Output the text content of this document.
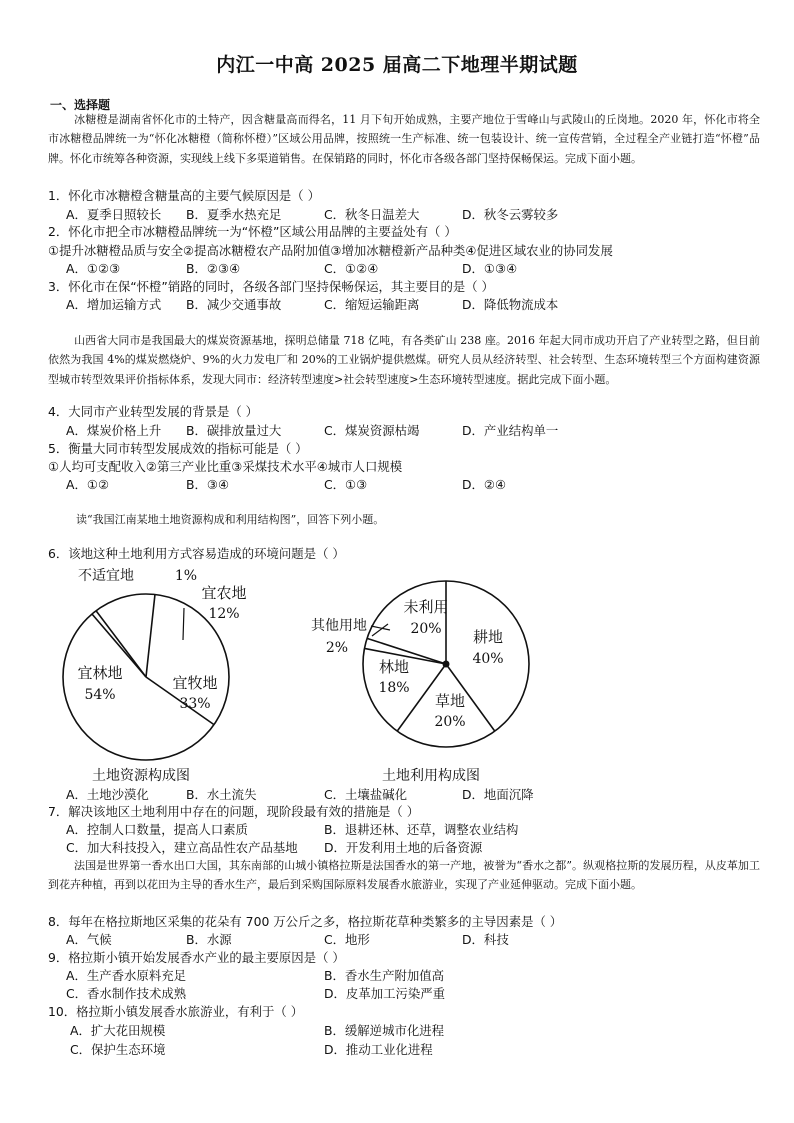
内江一中高 2025 届高二下地理半期试题
一、选择题
冰糖橙是湖南省怀化市的土特产，因含糖量高而得名，11 月下旬开始成熟，主要产地位于雪峰山与武陵山的丘岗地。2020 年，怀化市将全市冰糖橙品牌统一为“怀化冰糖橙（简称怀橙）”区域公用品牌，按照统一生产标准、统一包装设计、统一宣传营销，全过程全产业链打造“怀橙”品牌。怀化市统筹各种资源，实现线上线下多渠道销售。在保销路的同时，怀化市各级各部门坚持保畅保运。完成下面小题。
1．怀化市冰糖橙含糖量高的主要气候原因是（ ）
A．夏季日照较长 B．夏季水热充足	C．秋冬日温差大	D．秋冬云雾较多
2．怀化市把全市冰糖橙品牌统一为“怀橙”区域公用品牌的主要益处有（ ）
①提升冰糖橙品质与安全②提高冰糖橙农产品附加值③增加冰糖橙新产品种类④促进区域农业的协同发展
A．①②③	B．②③④	C．①②④	D．①③④
3．怀化市在保“怀橙”销路的同时，各级各部门坚持保畅保运，其主要目的是（ ）
A．增加运输方式 B．减少交通事故	C．缩短运输距离	D．降低物流成本
山西省大同市是我国最大的煤炭资源基地，探明总储量 718 亿吨，有各类矿山 238 座。2016 年起大同市成功开启了产业转型之路，但目前依然为我国 4%的煤炭燃烧炉、9%的火力发电厂和 20%的工业锅炉提供燃煤。研究人员从经济转型、社会转型、生态环境转型三个方面构建资源型城市转型效果评价指标体系，发现大同市：经济转型速度>社会转型速度>生态环境转型速度。据此完成下面小题。
4．大同市产业转型发展的背景是（ ）
A．煤炭价格上升 B．碳排放量过大	C．煤炭资源枯竭	D．产业结构单一
5．衡量大同市转型发展成效的指标可能是（ ）
①人均可支配收入②第三产业比重③采煤技术水平④城市人口规模
A．①②	B．③④	C．①③	D．②④
读“我国江南某地土地资源构成和利用结构图”，回答下列小题。
6．该地这种土地利用方式容易造成的环境问题是（ ）
宜农地
12%
宜牧地
33%
宜林地
54%
不适宜地	1%
耕地
40%
草地
20%
林地
18%
其他用地
2%
未利用
20%
土地资源构成图	土地利用构成图
A．土地沙漠化	B．水土流失	C．土壤盐碱化	D．地面沉降
7．解决该地区土地利用中存在的问题，现阶段最有效的措施是（ ）
A．控制人口数量，提高人口素质	B．退耕还林、还草，调整农业结构
C．加大科技投入，建立高品性农产品基地 D．开发利用土地的后备资源
法国是世界第一香水出口大国，其东南部的山城小镇格拉斯是法国香水的第一产地，被誉为“香水之都”。纵观格拉斯的发展历程，从皮革加工到花卉种植，再到以花田为主导的香水生产，最后到采购国际原料发展香水旅游业，实现了产业延伸驱动。完成下面小题。
8．每年在格拉斯地区采集的花朵有 700 万公斤之多，格拉斯花草种类繁多的主导因素是（ ）
A．气候	B．水源	C．地形	D．科技
9．格拉斯小镇开始发展香水产业的最主要原因是（ ）
A．生产香水原料充足	B．香水生产附加值高
C．香水制作技术成熟	D．皮革加工污染严重
10．格拉斯小镇发展香水旅游业，有利于（ ）
A．扩大花田规模	B．缓解逆城市化进程
C．保护生态环境	D．推动工业化进程
